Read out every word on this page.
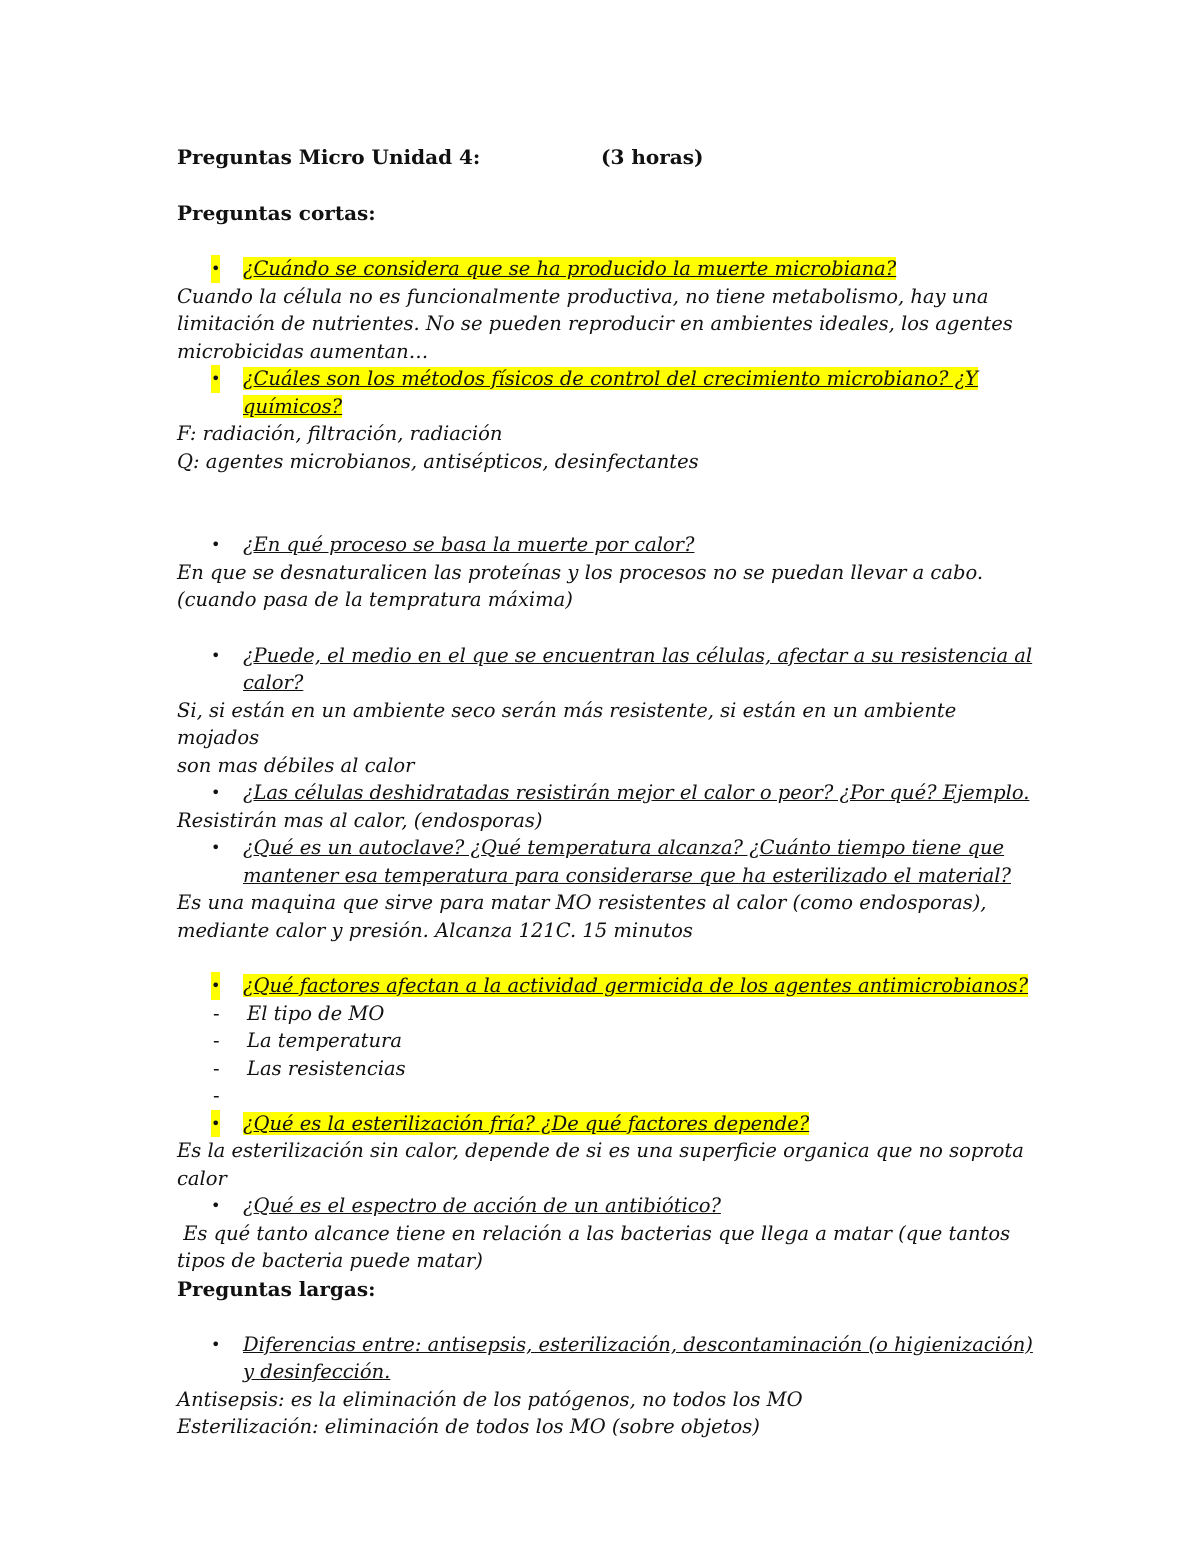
Preguntas Micro Unidad 4:	(3 horas)

Preguntas cortas:

• ¿Cuándo se considera que se ha producido la muerte microbiana?

Cuando la célula no es funcionalmente productiva, no tiene metabolismo, hay una

limitación de nutrientes. No se pueden reproducir en ambientes ideales, los agentes

microbicidas aumentan…

• ¿Cuáles son los métodos físicos de control del crecimiento microbiano? ¿Y químicos?

F: radiación, filtración, radiación

Q: agentes microbianos, antisépticos, desinfectantes

• ¿En qué proceso se basa la muerte por calor?

En que se desnaturalicen las proteínas y los procesos no se puedan llevar a cabo.

(cuando pasa de la tempratura máxima)

• ¿Puede, el medio en el que se encuentran las células, afectar a su resistencia al calor?

Si, si están en un ambiente seco serán más resistente, si están en un ambiente mojados

son mas débiles al calor

• ¿Las células deshidratadas resistirán mejor el calor o peor? ¿Por qué? Ejemplo.

Resistirán mas al calor, (endosporas)

• ¿Qué es un autoclave? ¿Qué temperatura alcanza? ¿Cuánto tiempo tiene que mantener esa temperatura para considerarse que ha esterilizado el material?

Es una maquina que sirve para matar MO resistentes al calor (como endosporas),

mediante calor y presión. Alcanza 121C. 15 minutos

• ¿Qué factores afectan a la actividad germicida de los agentes antimicrobianos?

- El tipo de MO

- La temperatura

- Las resistencias

-

• ¿Qué es la esterilización fría? ¿De qué factores depende?

Es la esterilización sin calor, depende de si es una superficie organica que no soprota

calor

• ¿Qué es el espectro de acción de un antibiótico?

Es qué tanto alcance tiene en relación a las bacterias que llega a matar (que tantos

tipos de bacteria puede matar)

Preguntas largas:

• Diferencias entre: antisepsis, esterilización, descontaminación (o higienización) y desinfección.

Antisepsis: es la eliminación de los patógenos, no todos los MO

Esterilización: eliminación de todos los MO (sobre objetos)
